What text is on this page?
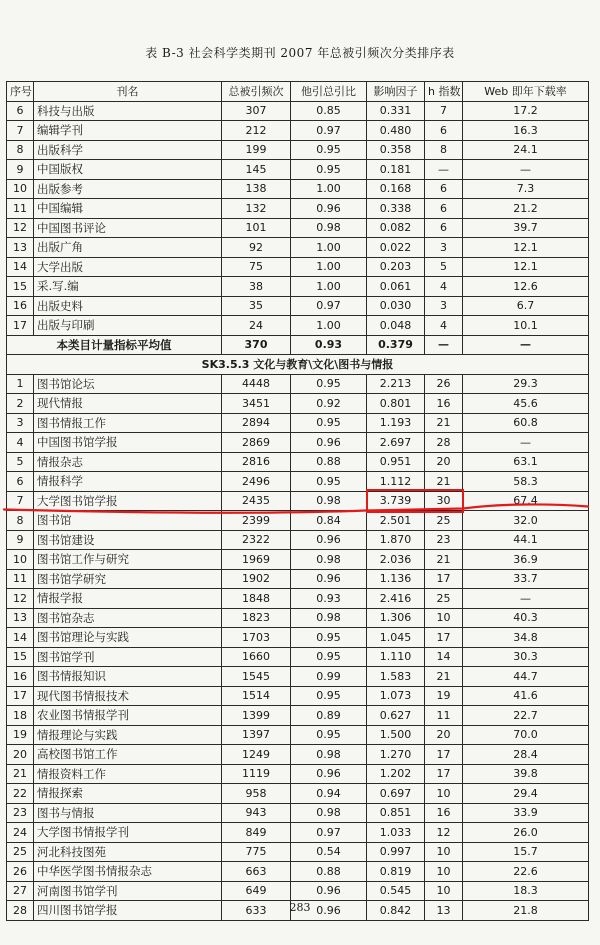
表 B-3 社会科学类期刊 2007 年总被引频次分类排序表
序号	刊名	总被引频次	他引总引比	影响因子	h 指数	Web 即年下载率
6	科技与出版	307	0.85	0.331	7	17.2
7	编辑学刊	212	0.97	0.480	6	16.3
8	出版科学	199	0.95	0.358	8	24.1
9	中国版权	145	0.95	0.181	—	—
10	出版参考	138	1.00	0.168	6	7.3
11	中国编辑	132	0.96	0.338	6	21.2
12	中国图书评论	101	0.98	0.082	6	39.7
13	出版广角	92	1.00	0.022	3	12.1
14	大学出版	75	1.00	0.203	5	12.1
15	采.写.编	38	1.00	0.061	4	12.6
16	出版史料	35	0.97	0.030	3	6.7
17	出版与印刷	24	1.00	0.048	4	10.1
本类目计量指标平均值		370	0.93	0.379	—	—
SK3.5.3 文化与教育\文化\图书与情报						
1	图书馆论坛	4448	0.95	2.213	26	29.3
2	现代情报	3451	0.92	0.801	16	45.6
3	图书情报工作	2894	0.95	1.193	21	60.8
4	中国图书馆学报	2869	0.96	2.697	28	—
5	情报杂志	2816	0.88	0.951	20	63.1
6	情报科学	2496	0.95	1.112	21	58.3
7	大学图书馆学报	2435	0.98	3.739	30	67.4
8	图书馆	2399	0.84	2.501	25	32.0
9	图书馆建设	2322	0.96	1.870	23	44.1
10	图书馆工作与研究	1969	0.98	2.036	21	36.9
11	图书馆学研究	1902	0.96	1.136	17	33.7
12	情报学报	1848	0.93	2.416	25	—
13	图书馆杂志	1823	0.98	1.306	10	40.3
14	图书馆理论与实践	1703	0.95	1.045	17	34.8
15	图书馆学刊	1660	0.95	1.110	14	30.3
16	图书情报知识	1545	0.99	1.583	21	44.7
17	现代图书情报技术	1514	0.95	1.073	19	41.6
18	农业图书情报学刊	1399	0.89	0.627	11	22.7
19	情报理论与实践	1397	0.95	1.500	20	70.0
20	高校图书馆工作	1249	0.98	1.270	17	28.4
21	情报资料工作	1119	0.96	1.202	17	39.8
22	情报探索	958	0.94	0.697	10	29.4
23	图书与情报	943	0.98	0.851	16	33.9
24	大学图书情报学刊	849	0.97	1.033	12	26.0
25	河北科技图苑	775	0.54	0.997	10	15.7
26	中华医学图书情报杂志	663	0.88	0.819	10	22.6
27	河南图书馆学刊	649	0.96	0.545	10	18.3
28	四川图书馆学报	633	0.96	0.842	13	21.8
283
